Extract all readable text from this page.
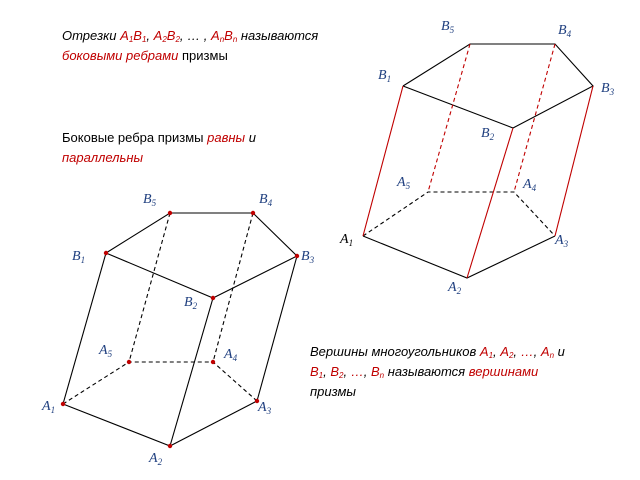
Отрезки $A_1B_1$, $A_2B_2$, … , $A_nB_n$ называются
боковыми ребрами призмы
Боковые ребра призмы равны и
параллельны
Вершины многоугольников $A_1$, $A_2$, …, $A_n$ и
$B_1$, $B_2$, …, $B_n$ называются вершинами
призмы
$B_5$	$B_4$
$B_1$
$B_3$
$B_2$
$A_5$	$A_4$
$A_1$	$A_3$
$A_2$
$B_5$	$B_4$
$B_1$	$B_3$
$B_2$
$A_5$	$A_4$
$A_1$	$A_3$
$A_2$
